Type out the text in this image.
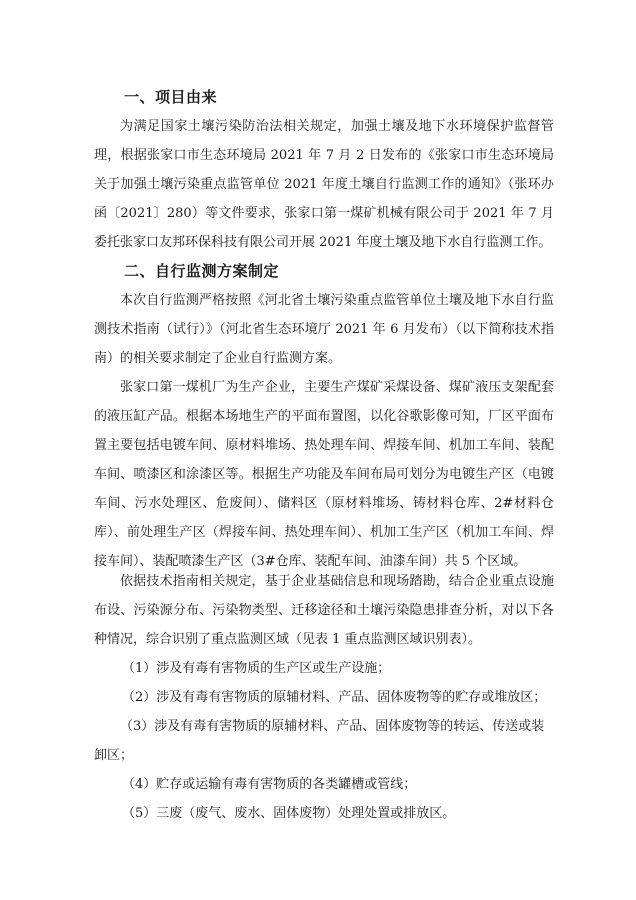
一、项目由来

为满足国家土壤污染防治法相关规定，加强土壤及地下水环境保护监督管理，根据张家口市生态环境局 2021 年 7 月 2 日发布的《张家口市生态环境局关于加强土壤污染重点监管单位 2021 年度土壤自行监测工作的通知》（张环办函〔2021〕280）等文件要求，张家口第一煤矿机械有限公司于 2021 年 7 月委托张家口友邦环保科技有限公司开展 2021 年度土壤及地下水自行监测工作。

二、自行监测方案制定

本次自行监测严格按照《河北省土壤污染重点监管单位土壤及地下水自行监测技术指南（试行）》（河北省生态环境厅 2021 年 6 月发布）（以下简称技术指南）的相关要求制定了企业自行监测方案。

张家口第一煤机厂为生产企业，主要生产煤矿采煤设备、煤矿液压支架配套的液压缸产品。根据本场地生产的平面布置图，以化谷歌影像可知，厂区平面布置主要包括电镀车间、原材料堆场、热处理车间、焊接车间、机加工车间、装配车间、喷漆区和涂漆区等。根据生产功能及车间布局可划分为电镀生产区（电镀车间、污水处理区、危废间）、储料区（原材料堆场、铸材料仓库、2#材料仓库）、前处理生产区（焊接车间、热处理车间）、机加工生产区（机加工车间、焊接车间）、装配喷漆生产区（3#仓库、装配车间、油漆车间）共 5 个区域。

依据技术指南相关规定，基于企业基础信息和现场踏勘，结合企业重点设施布设、污染源分布、污染物类型、迁移途径和土壤污染隐患排查分析，对以下各种情况，综合识别了重点监测区域（见表 1 重点监测区域识别表）。

（1）涉及有毒有害物质的生产区或生产设施；

（2）涉及有毒有害物质的原辅材料、产品、固体废物等的贮存或堆放区；

（3）涉及有毒有害物质的原辅材料、产品、固体废物等的转运、传送或装卸区；

（4）贮存或运输有毒有害物质的各类罐槽或管线；

（5）三废（废气、废水、固体废物）处理处置或排放区。
